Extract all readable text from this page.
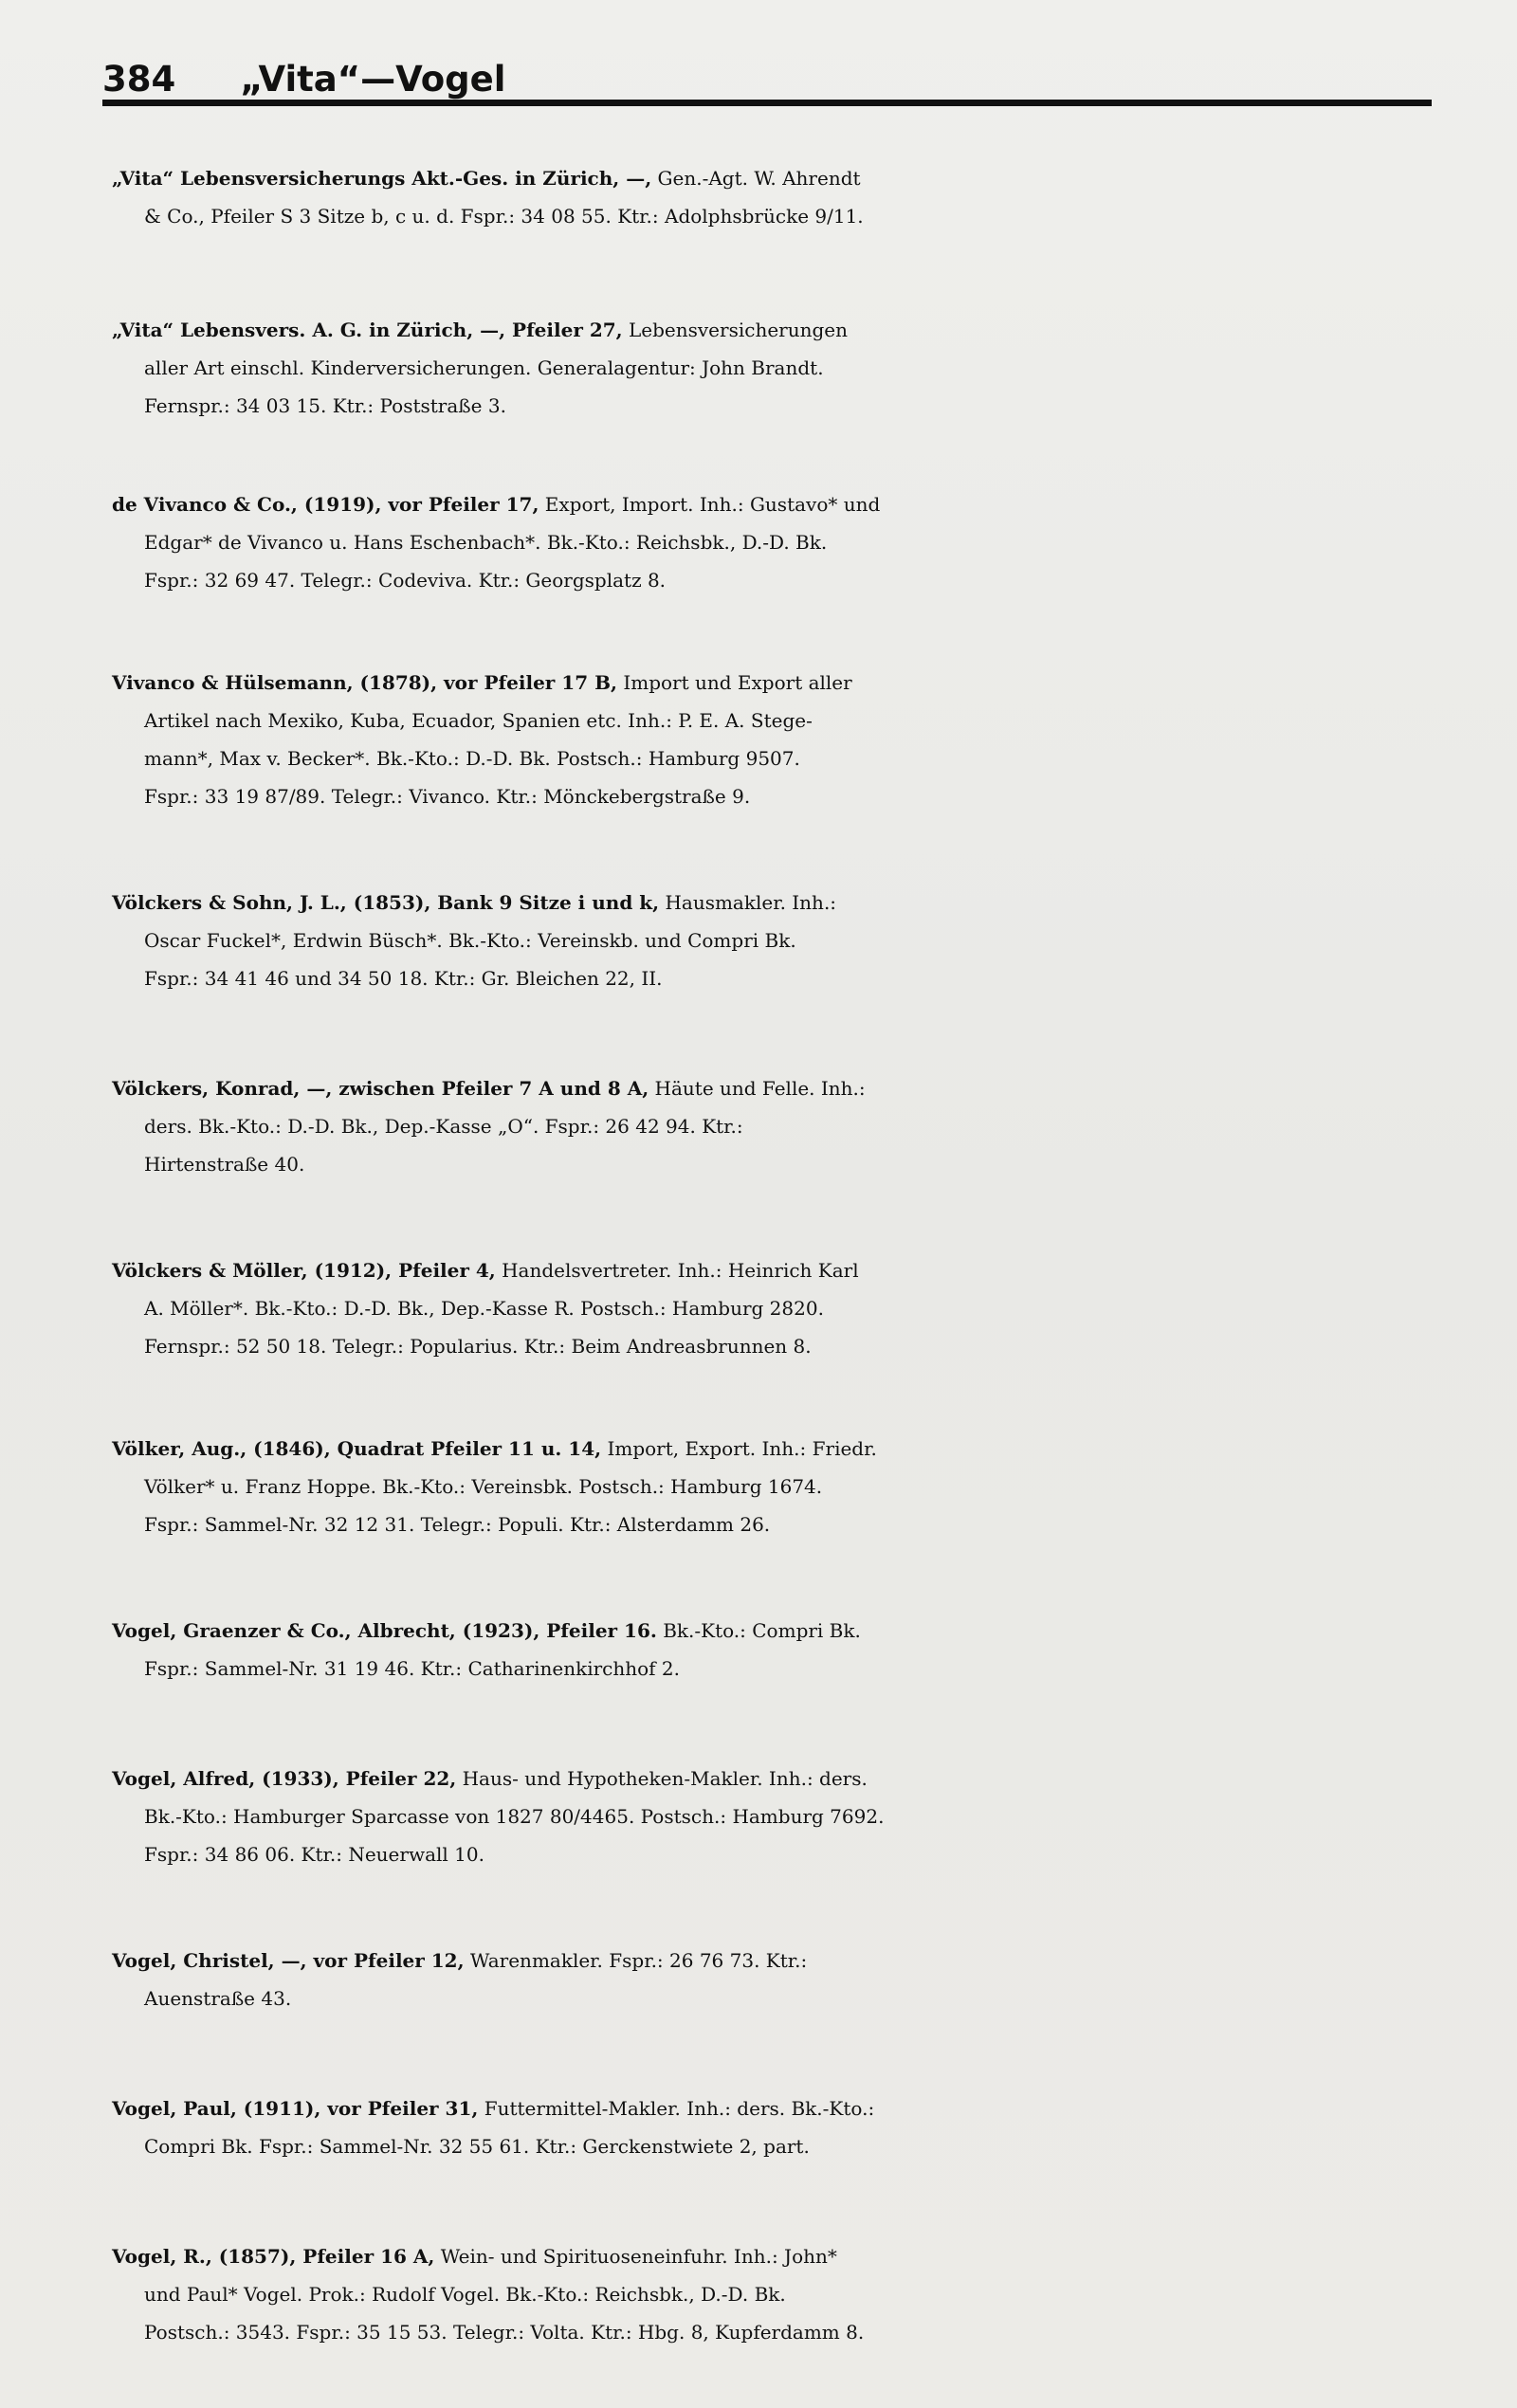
384 „Vita“—Vogel
„Vita“ Lebensversicherungs Akt.-Ges. in Zürich, —, Gen.-Agt. W. Ahrendt
& Co., Pfeiler S 3 Sitze b, c u. d. Fspr.: 34 08 55. Ktr.: Adolphsbrücke 9/11.
„Vita“ Lebensvers. A. G. in Zürich, —, Pfeiler 27, Lebensversicherungen
aller Art einschl. Kinderversicherungen. Generalagentur: John Brandt.
Fernspr.: 34 03 15. Ktr.: Poststraße 3.
de Vivanco & Co., (1919), vor Pfeiler 17, Export, Import. Inh.: Gustavo* und
Edgar* de Vivanco u. Hans Eschenbach*. Bk.-Kto.: Reichsbk., D.-D. Bk.
Fspr.: 32 69 47. Telegr.: Codeviva. Ktr.: Georgsplatz 8.
Vivanco & Hülsemann, (1878), vor Pfeiler 17 B, Import und Export aller
Artikel nach Mexiko, Kuba, Ecuador, Spanien etc. Inh.: P. E. A. Stege-
mann*, Max v. Becker*. Bk.-Kto.: D.-D. Bk. Postsch.: Hamburg 9507.
Fspr.: 33 19 87/89. Telegr.: Vivanco. Ktr.: Mönckebergstraße 9.
Völckers & Sohn, J. L., (1853), Bank 9 Sitze i und k, Hausmakler. Inh.:
Oscar Fuckel*, Erdwin Büsch*. Bk.-Kto.: Vereinskb. und Compri Bk.
Fspr.: 34 41 46 und 34 50 18. Ktr.: Gr. Bleichen 22, II.
Völckers, Konrad, —, zwischen Pfeiler 7 A und 8 A, Häute und Felle. Inh.:
ders. Bk.-Kto.: D.-D. Bk., Dep.-Kasse „O“. Fspr.: 26 42 94. Ktr.:
Hirtenstraße 40.
Völckers & Möller, (1912), Pfeiler 4, Handelsvertreter. Inh.: Heinrich Karl
A. Möller*. Bk.-Kto.: D.-D. Bk., Dep.-Kasse R. Postsch.: Hamburg 2820.
Fernspr.: 52 50 18. Telegr.: Popularius. Ktr.: Beim Andreasbrunnen 8.
Völker, Aug., (1846), Quadrat Pfeiler 11 u. 14, Import, Export. Inh.: Friedr.
Völker* u. Franz Hoppe. Bk.-Kto.: Vereinsbk. Postsch.: Hamburg 1674.
Fspr.: Sammel-Nr. 32 12 31. Telegr.: Populi. Ktr.: Alsterdamm 26.
Vogel, Graenzer & Co., Albrecht, (1923), Pfeiler 16. Bk.-Kto.: Compri Bk.
Fspr.: Sammel-Nr. 31 19 46. Ktr.: Catharinenkirchhof 2.
Vogel, Alfred, (1933), Pfeiler 22, Haus- und Hypotheken-Makler. Inh.: ders.
Bk.-Kto.: Hamburger Sparcasse von 1827 80/4465. Postsch.: Hamburg 7692.
Fspr.: 34 86 06. Ktr.: Neuerwall 10.
Vogel, Christel, —, vor Pfeiler 12, Warenmakler. Fspr.: 26 76 73. Ktr.:
Auenstraße 43.
Vogel, Paul, (1911), vor Pfeiler 31, Futtermittel-Makler. Inh.: ders. Bk.-Kto.:
Compri Bk. Fspr.: Sammel-Nr. 32 55 61. Ktr.: Gerckenstwiete 2, part.
Vogel, R., (1857), Pfeiler 16 A, Wein- und Spirituoseneinfuhr. Inh.: John*
und Paul* Vogel. Prok.: Rudolf Vogel. Bk.-Kto.: Reichsbk., D.-D. Bk.
Postsch.: 3543. Fspr.: 35 15 53. Telegr.: Volta. Ktr.: Hbg. 8, Kupferdamm 8.
